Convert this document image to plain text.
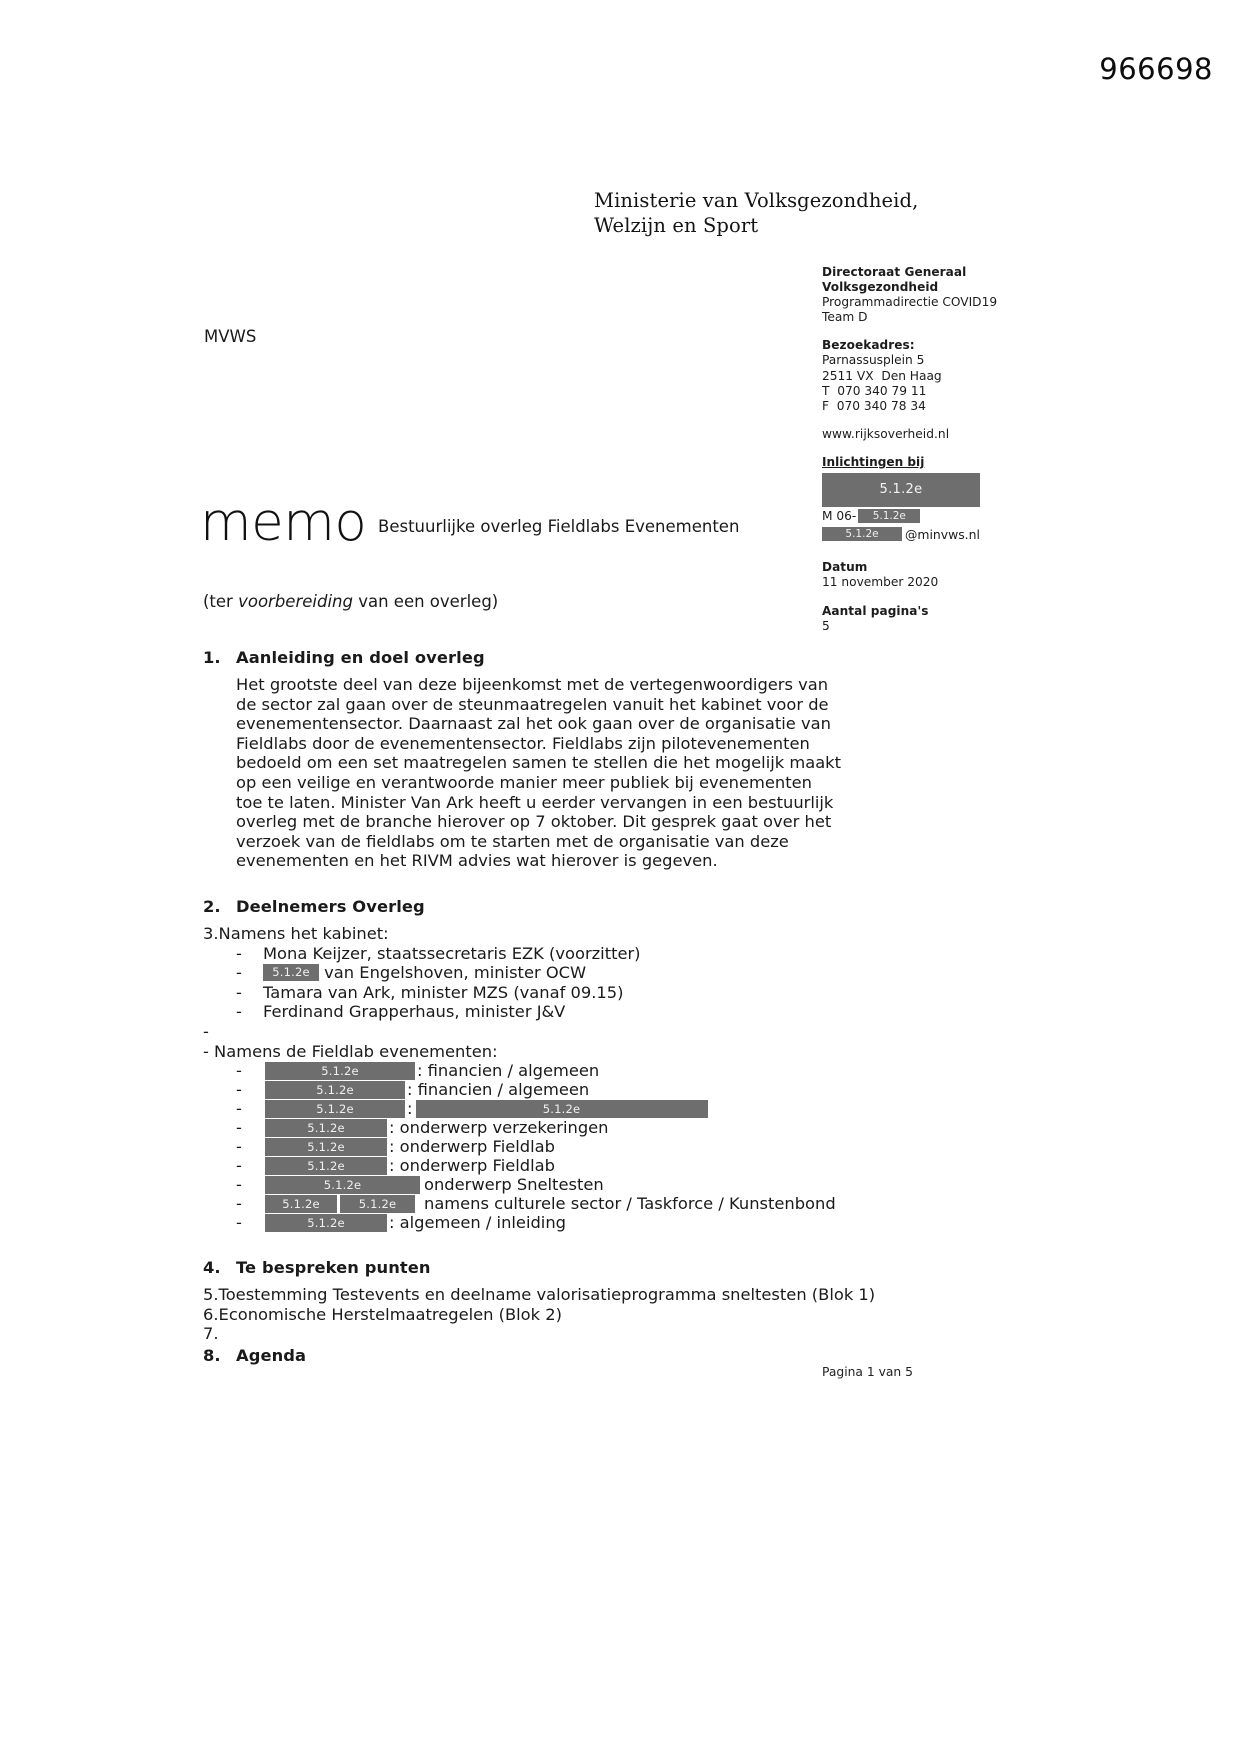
966698
Ministerie van Volksgezondheid,
Welzijn en Sport
MVWS
Directoraat Generaal
Volksgezondheid
Programmadirectie COVID19
Team D
Bezoekadres:
Parnassusplein 5
2511 VX  Den Haag
T  070 340 79 11
F  070 340 78 34
www.rijksoverheid.nl
Inlichtingen bij
5.1.2e
M 06- 5.1.2e
5.1.2e @minvws.nl
Datum
11 november 2020
Aantal pagina's
5
memo Bestuurlijke overleg Fieldlabs Evenementen
(ter voorbereiding van een overleg)
1. Aanleiding en doel overleg

Het grootste deel van deze bijeenkomst met de vertegenwoordigers van de sector zal gaan over de steunmaatregelen vanuit het kabinet voor de evenementensector. Daarnaast zal het ook gaan over de organisatie van Fieldlabs door de evenementensector. Fieldlabs zijn pilotevenementen bedoeld om een set maatregelen samen te stellen die het mogelijk maakt op een veilige en verantwoorde manier meer publiek bij evenementen toe te laten. Minister Van Ark heeft u eerder vervangen in een bestuurlijk overleg met de branche hierover op 7 oktober. Dit gesprek gaat over het verzoek van de fieldlabs om te starten met de organisatie van deze evenementen en het RIVM advies wat hierover is gegeven.

2. Deelnemers Overleg
3.Namens het kabinet:
-	Mona Keijzer, staatssecretaris EZK (voorzitter)
-	5.1.2e van Engelshoven, minister OCW
-	Tamara van Ark, minister MZS (vanaf 09.15)
-	Ferdinand Grapperhaus, minister J&V
-
- Namens de Fieldlab evenementen:
-	5.1.2e	: financien / algemeen
-	5.1.2e	: financien / algemeen
-	5.1.2e	:	5.1.2e
-	5.1.2e	: onderwerp verzekeringen
-	5.1.2e	: onderwerp Fieldlab
-	5.1.2e	: onderwerp Fieldlab
-	5.1.2e	onderwerp Sneltesten
-	5.1.2e	5.1.2e	namens culturele sector / Taskforce / Kunstenbond
-	5.1.2e	: algemeen / inleiding
4. Te bespreken punten
5.Toestemming Testevents en deelname valorisatieprogramma sneltesten (Blok 1)
6.Economische Herstelmaatregelen (Blok 2)
7.
8. Agenda
Pagina 1 van 5
